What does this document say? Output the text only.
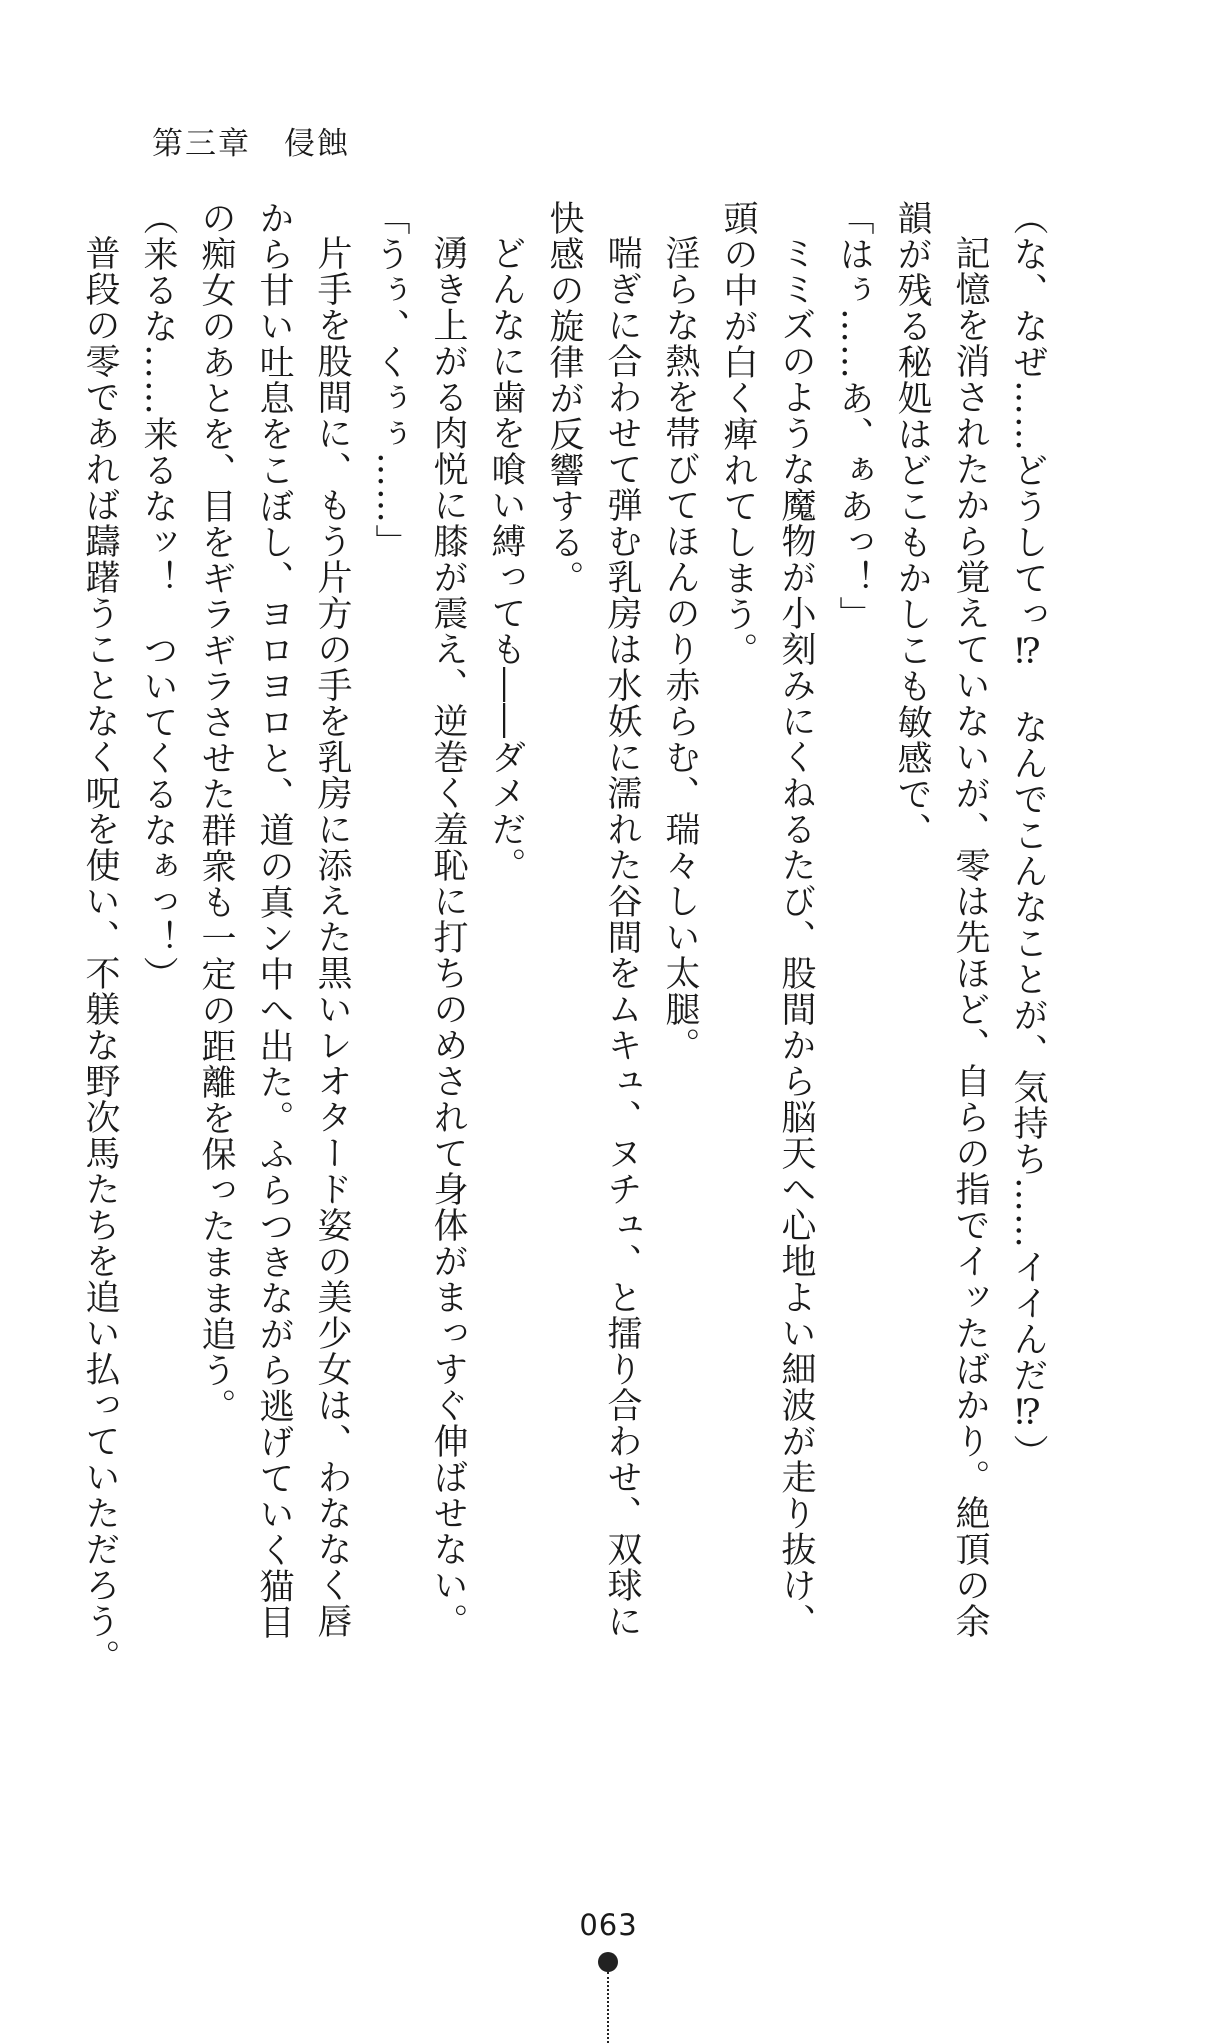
第三章　侵蝕
（な、なぜ……どうしてっ⁉　なんでこんなことが、気持ち……イイんだ⁉）
記憶を消されたから覚えていないが、零は先ほど、自らの指でイッたばかり。絶頂の余
韻が残る秘処はどこもかしこも敏感で、
「はぅ……あ、ぁあっ！」
ミミズのような魔物が小刻みにくねるたび、股間から脳天へ心地よい細波が走り抜け、
頭の中が白く痺れてしまう。
淫らな熱を帯びてほんのり赤らむ、瑞々しい太腿。
喘ぎに合わせて弾む乳房は水妖に濡れた谷間をムキュ、ヌチュ、と擂り合わせ、双球に
快感の旋律が反響する。
どんなに歯を喰い縛っても――ダメだ。
湧き上がる肉悦に膝が震え、逆巻く羞恥に打ちのめされて身体がまっすぐ伸ばせない。
「うぅ、くぅぅ……」
片手を股間に、もう片方の手を乳房に添えた黒いレオタード姿の美少女は、わななく唇
から甘い吐息をこぼし、ヨロヨロと、道の真ン中へ出た。ふらつきながら逃げていく猫目
の痴女のあとを、目をギラギラさせた群衆も一定の距離を保ったまま追う。
（来るな……来るなッ！　ついてくるなぁっ！）
普段の零であれば躊躇うことなく呪を使い、不躾な野次馬たちを追い払っていただろう。
063
